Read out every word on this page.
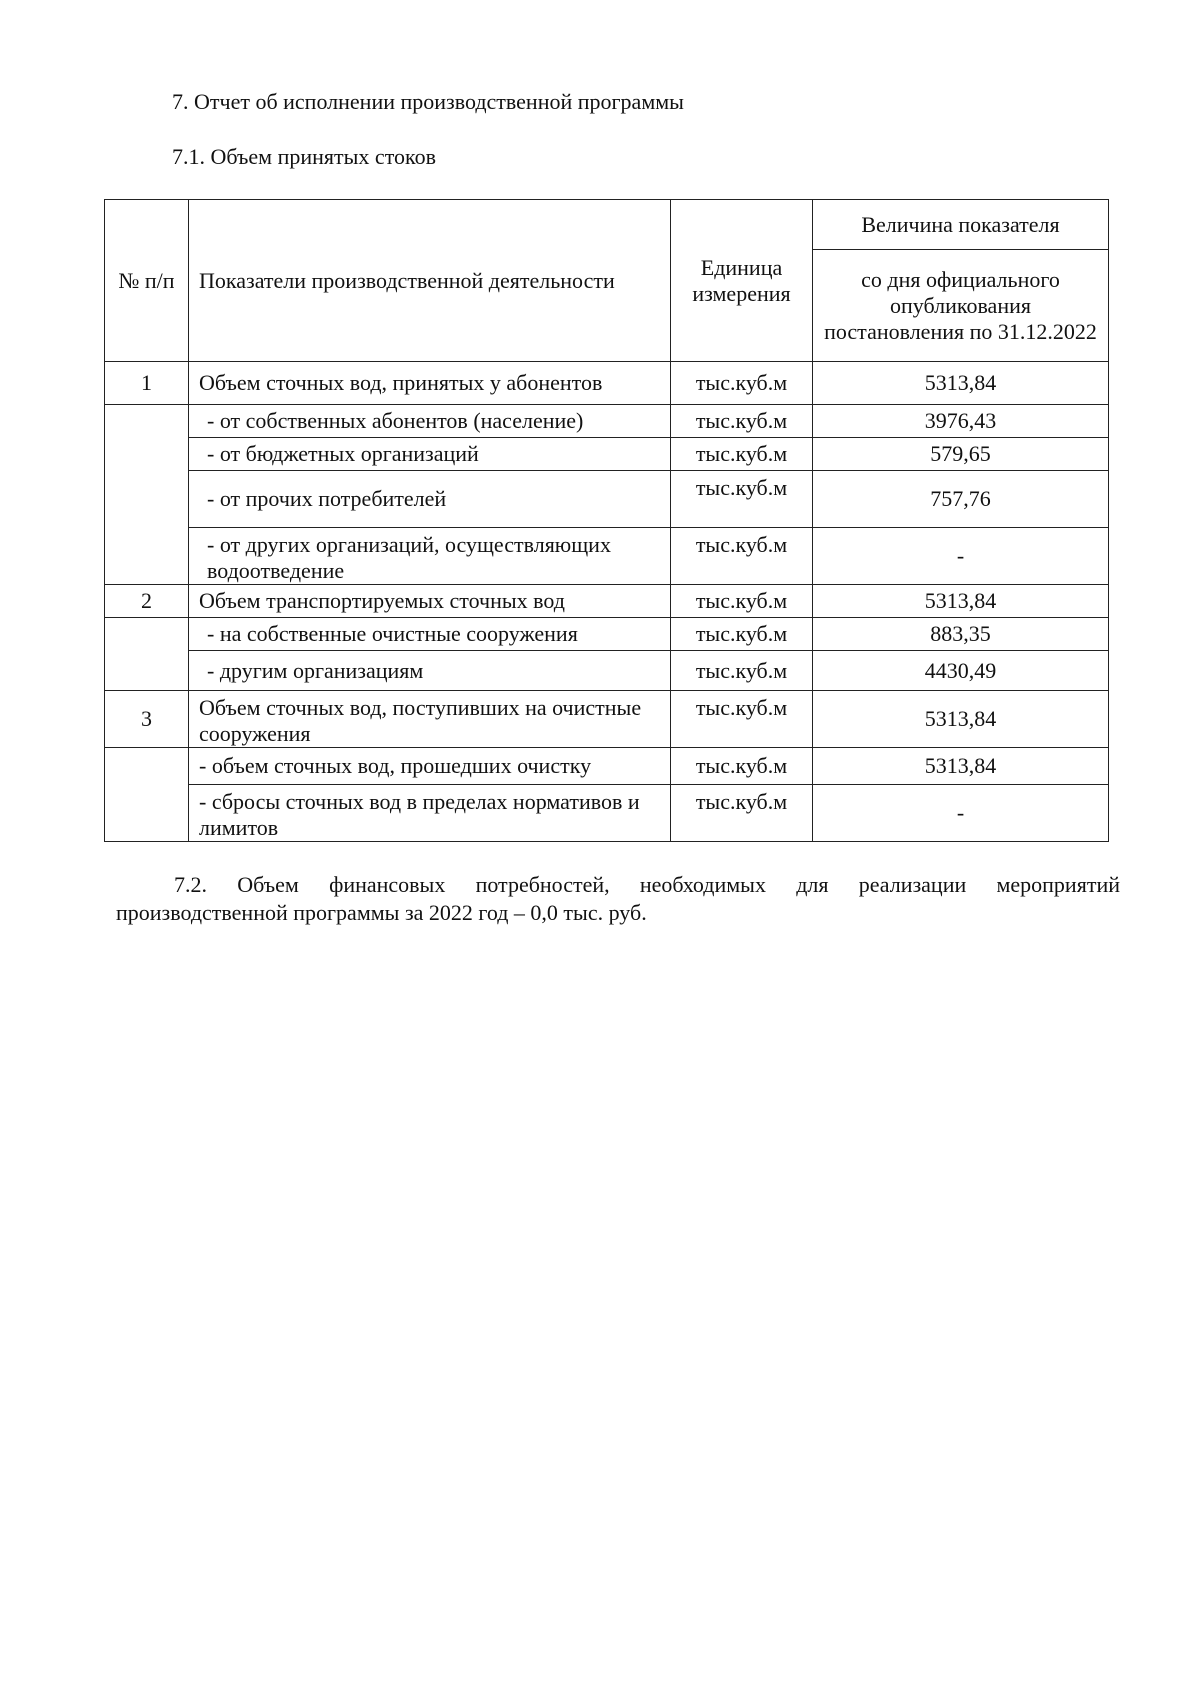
7. Отчет об исполнении производственной программы
7.1. Объем принятых стоков
№ п/п	Показатели производственной деятельности	Единица измерения	Величина показателя
			со дня официального опубликования постановления по 31.12.2022
1	Объем сточных вод, принятых у абонентов	тыс.куб.м	5313,84
	- от собственных абонентов (население)	тыс.куб.м	3976,43
	- от бюджетных организаций	тыс.куб.м	579,65
	- от прочих потребителей	тыс.куб.м	757,76
	- от других организаций, осуществляющих водоотведение	тыс.куб.м	-
2	Объем транспортируемых сточных вод	тыс.куб.м	5313,84
	- на собственные очистные сооружения	тыс.куб.м	883,35
	- другим организациям	тыс.куб.м	4430,49
3	Объем сточных вод, поступивших на очистные сооружения	тыс.куб.м	5313,84
	- объем сточных вод, прошедших очистку	тыс.куб.м	5313,84
	- сбросы сточных вод в пределах нормативов и лимитов	тыс.куб.м	-

7.2. Объем финансовых потребностей, необходимых для реализации мероприятий производственной программы за 2022 год – 0,0 тыс. руб.
